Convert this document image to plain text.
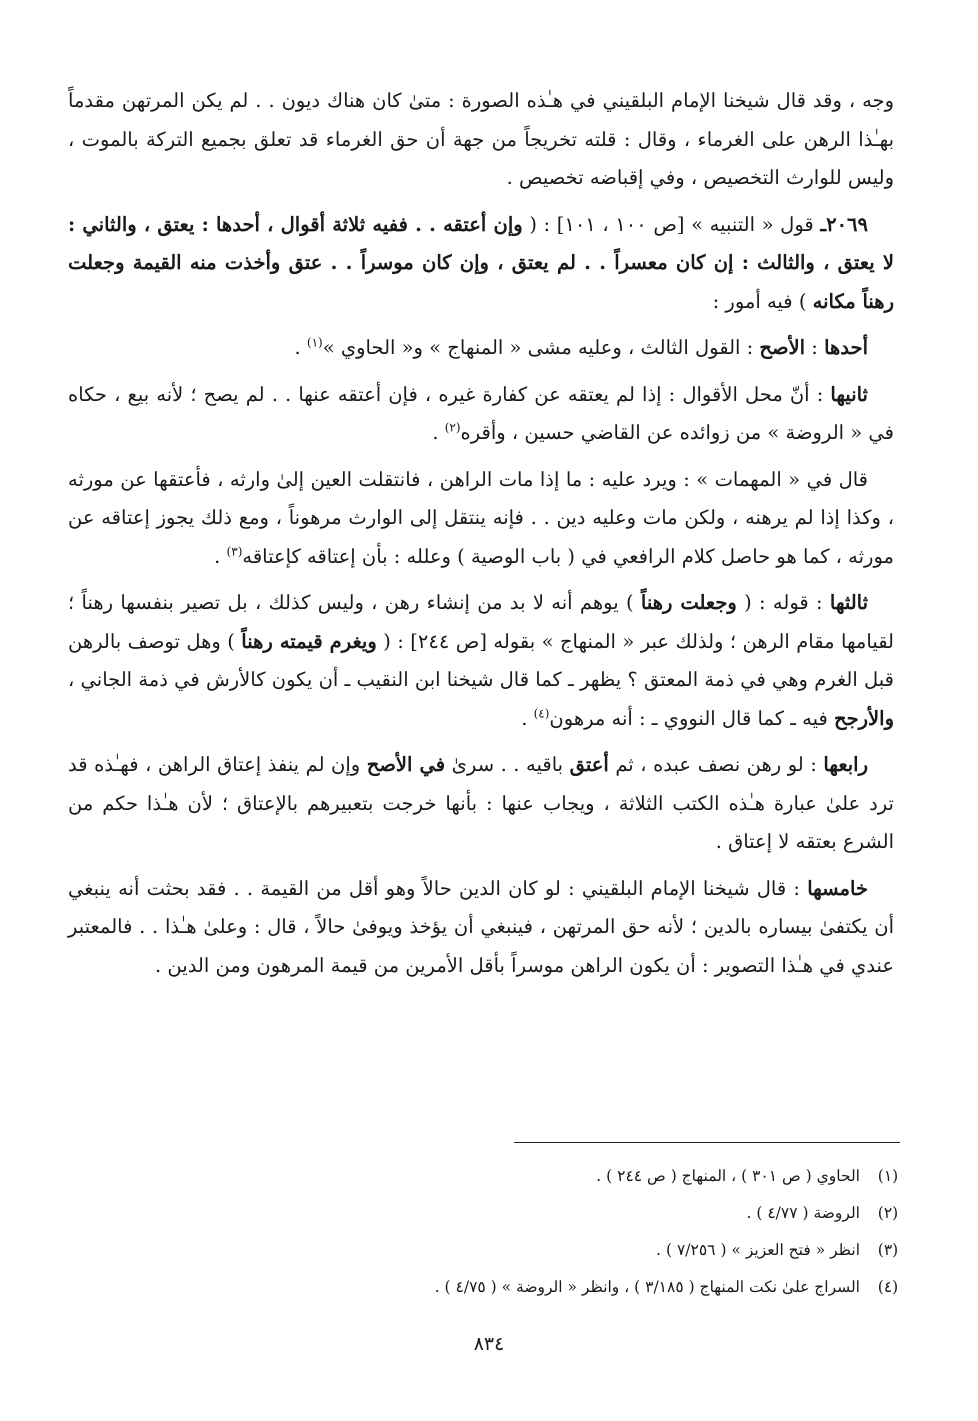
وجه ، وقد قال شيخنا الإمام البلقيني في هـٰذه الصورة : متىٰ كان هناك ديون . . لم يكن المرتهن مقدماً بهـٰذا الرهن على الغرماء ، وقال : قلته تخريجاً من جهة أن حق الغرماء قد تعلق بجميع التركة بالموت ، وليس للوارث التخصيص ، وفي إقباضه تخصيص .

٢٠٦٩ـ قول « التنبيه » [ص ١٠٠ ، ١٠١] : ( وإن أعتقه . . ففيه ثلاثة أقوال ، أحدها : يعتق ، والثاني : لا يعتق ، والثالث : إن كان معسراً . . لم يعتق ، وإن كان موسراً . . عتق وأخذت منه القيمة وجعلت رهناً مكانه ) فيه أمور :

أحدها : الأصح : القول الثالث ، وعليه مشى « المنهاج » و« الحاوي »$^{(١)}$ .

ثانيها : أنّ محل الأقوال : إذا لم يعتقه عن كفارة غيره ، فإن أعتقه عنها . . لم يصح ؛ لأنه بيع ، حكاه في « الروضة » من زوائده عن القاضي حسين ، وأقره$^{(٢)}$ .

قال في « المهمات » : ويرد عليه : ما إذا مات الراهن ، فانتقلت العين إلىٰ وارثه ، فأعتقها عن مورثه ، وكذا إذا لم يرهنه ، ولكن مات وعليه دين . . فإنه ينتقل إلى الوارث مرهوناً ، ومع ذلك يجوز إعتاقه عن مورثه ، كما هو حاصل كلام الرافعي في ( باب الوصية ) وعلله : بأن إعتاقه كإعتاقه$^{(٣)}$ .

ثالثها : قوله : ( وجعلت رهناً ) يوهم أنه لا بد من إنشاء رهن ، وليس كذلك ، بل تصير بنفسها رهناً ؛ لقيامها مقام الرهن ؛ ولذلك عبر « المنهاج » بقوله [ص ٢٤٤] : ( ويغرم قيمته رهناً ) وهل توصف بالرهن قبل الغرم وهي في ذمة المعتق ؟ يظهر ـ كما قال شيخنا ابن النقيب ـ أن يكون كالأرش في ذمة الجاني ، والأرجح فيه ـ كما قال النووي ـ : أنه مرهون$^{(٤)}$ .

رابعها : لو رهن نصف عبده ، ثم أعتق باقيه . . سرىٰ في الأصح وإن لم ينفذ إعتاق الراهن ، فهـٰذه قد ترد علىٰ عبارة هـٰذه الكتب الثلاثة ، ويجاب عنها : بأنها خرجت بتعبيرهم بالإعتاق ؛ لأن هـٰذا حكم من الشرع بعتقه لا إعتاق .

خامسها : قال شيخنا الإمام البلقيني : لو كان الدين حالاً وهو أقل من القيمة . . فقد بحثت أنه ينبغي أن يكتفىٰ بيساره بالدين ؛ لأنه حق المرتهن ، فينبغي أن يؤخذ ويوفىٰ حالاً ، قال : وعلىٰ هـٰذا . . فالمعتبر عندي في هـٰذا التصوير : أن يكون الراهن موسراً بأقل الأمرين من قيمة المرهون ومن الدين .

(١)الحاوي ( ص ٣٠١ ) ، المنهاج ( ص ٢٤٤ ) .
(٢)الروضة ( ٤/٧٧ ) .
(٣)انظر « فتح العزيز » ( ٧/٢٥٦ ) .
(٤)السراج علىٰ نكت المنهاج ( ٣/١٨٥ ) ، وانظر « الروضة » ( ٤/٧٥ ) .
٨٣٤
